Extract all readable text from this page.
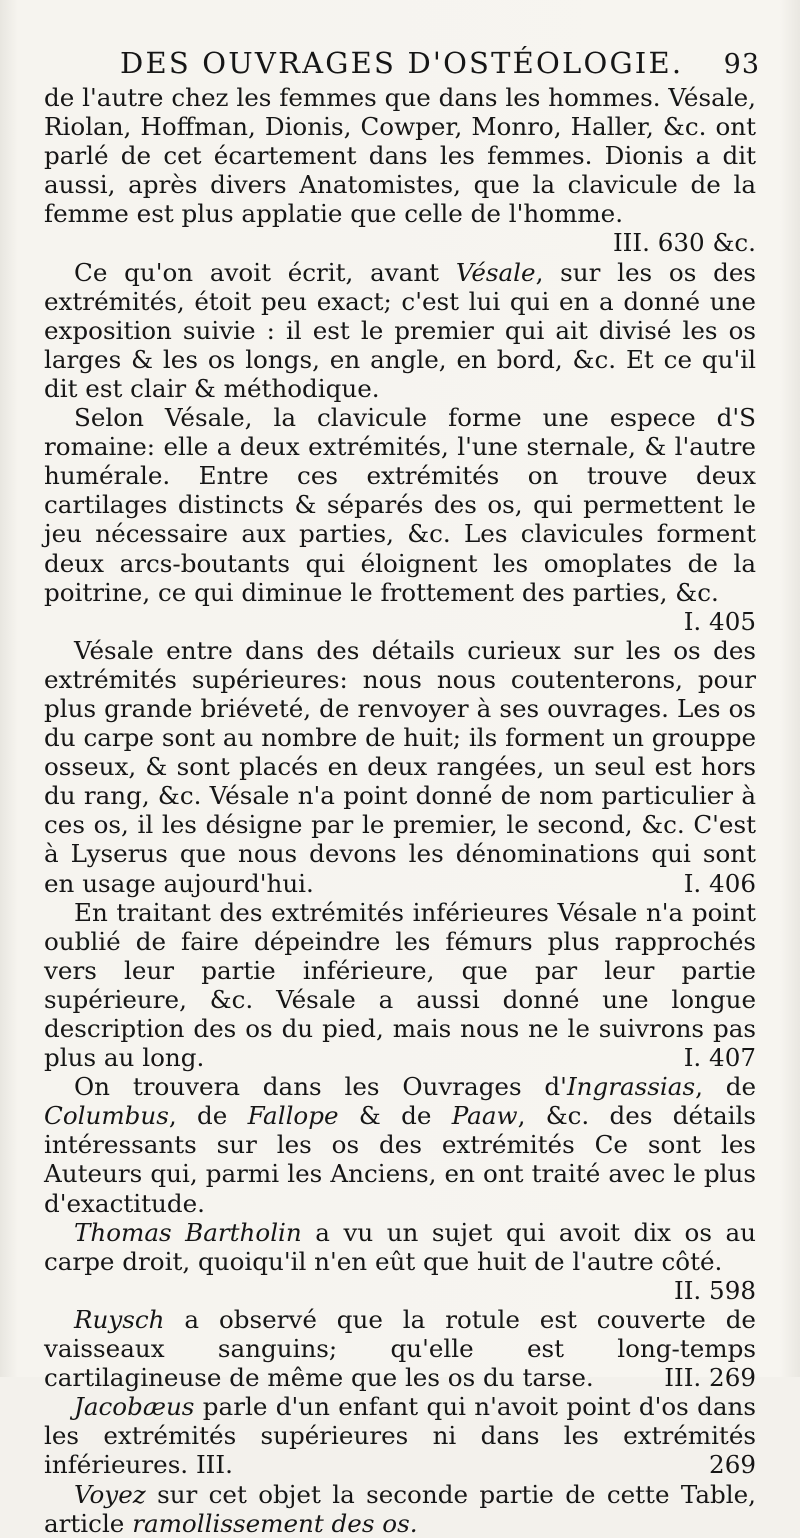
DES OUVRAGES D'OSTÉOLOGIE.	93

de l'autre chez les femmes que dans les hommes. Vésale, Riolan, Hoffman, Dionis, Cowper, Monro, Haller, &c. ont parlé de cet écartement dans les femmes. Dionis a dit aussi, après divers Anatomistes, que la clavicule de la femme est plus applatie que celle de l'homme.
III. 630 &c.

Ce qu'on avoit écrit, avant Vésale, sur les os des extrémités, étoit peu exact; c'est lui qui en a donné une exposition suivie : il est le premier qui ait divisé les os larges & les os longs, en angle, en bord, &c. Et ce qu'il dit est clair & méthodique.

Selon Vésale, la clavicule forme une espece d'S romaine: elle a deux extrémités, l'une sternale, & l'autre humérale. Entre ces extrémités on trouve deux cartilages distincts & séparés des os, qui permettent le jeu nécessaire aux parties, &c. Les clavicules forment deux arcs-boutants qui éloignent les omoplates de la poitrine, ce qui diminue le frottement des parties, &c.
I. 405

Vésale entre dans des détails curieux sur les os des extrémités supérieures: nous nous coutenterons, pour plus grande briéveté, de renvoyer à ses ouvrages. Les os du carpe sont au nombre de huit; ils forment un grouppe osseux, & sont placés en deux rangées, un seul est hors du rang, &c. Vésale n'a point donné de nom particulier à ces os, il les désigne par le premier, le second, &c. C'est à Lyserus que nous devons les dénominations qui sont en usage aujourd'hui.	I. 406

En traitant des extrémités inférieures Vésale n'a point oublié de faire dépeindre les fémurs plus rapprochés vers leur partie inférieure, que par leur partie supérieure, &c. Vésale a aussi donné une longue description des os du pied, mais nous ne le suivrons pas plus au long.	I. 407

On trouvera dans les Ouvrages d'Ingrassias, de Columbus, de Fallope & de Paaw, &c. des détails intéressants sur les os des extrémités Ce sont les Auteurs qui, parmi les Anciens, en ont traité avec le plus d'exactitude.

Thomas Bartholin a vu un sujet qui avoit dix os au carpe droit, quoiqu'il n'en eût que huit de l'autre côté.
II. 598

Ruysch a observé que la rotule est couverte de vaisseaux sanguins; qu'elle est long-temps cartilagineuse de même que les os du tarse.	III. 269

Jacobæus parle d'un enfant qui n'avoit point d'os dans les extrémités supérieures ni dans les extrémités inférieures. III.	269

Voyez sur cet objet la seconde partie de cette Table, article ramollissement des os.
